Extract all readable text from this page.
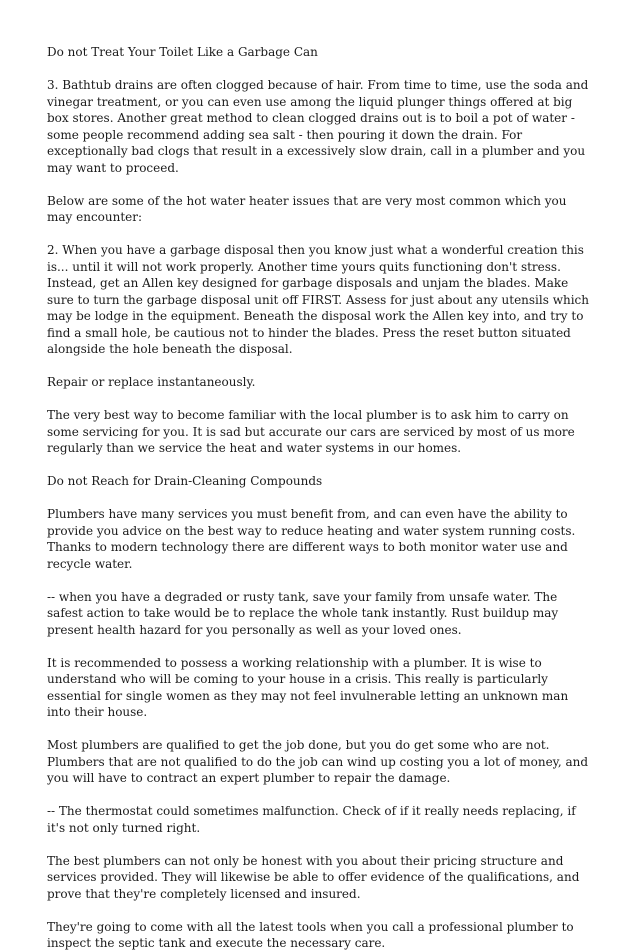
Do not Treat Your Toilet Like a Garbage Can

3. Bathtub drains are often clogged because of hair. From time to time, use the soda and vinegar treatment, or you can even use among the liquid plunger things offered at big box stores. Another great method to clean clogged drains out is to boil a pot of water - some people recommend adding sea salt - then pouring it down the drain. For exceptionally bad clogs that result in a excessively slow drain, call in a plumber and you may want to proceed.

Below are some of the hot water heater issues that are very most common which you may encounter:

2. When you have a garbage disposal then you know just what a wonderful creation this is... until it will not work properly. Another time yours quits functioning don't stress. Instead, get an Allen key designed for garbage disposals and unjam the blades. Make sure to turn the garbage disposal unit off FIRST. Assess for just about any utensils which may be lodge in the equipment. Beneath the disposal work the Allen key into, and try to find a small hole, be cautious not to hinder the blades. Press the reset button situated alongside the hole beneath the disposal.

Repair or replace instantaneously.

The very best way to become familiar with the local plumber is to ask him to carry on some servicing for you. It is sad but accurate our cars are serviced by most of us more regularly than we service the heat and water systems in our homes.

Do not Reach for Drain-Cleaning Compounds

Plumbers have many services you must benefit from, and can even have the ability to provide you advice on the best way to reduce heating and water system running costs. Thanks to modern technology there are different ways to both monitor water use and recycle water.

-- when you have a degraded or rusty tank, save your family from unsafe water. The safest action to take would be to replace the whole tank instantly. Rust buildup may present health hazard for you personally as well as your loved ones.

It is recommended to possess a working relationship with a plumber. It is wise to understand who will be coming to your house in a crisis. This really is particularly essential for single women as they may not feel invulnerable letting an unknown man into their house.

Most plumbers are qualified to get the job done, but you do get some who are not. Plumbers that are not qualified to do the job can wind up costing you a lot of money, and you will have to contract an expert plumber to repair the damage.

-- The thermostat could sometimes malfunction. Check of if it really needs replacing, if it's not only turned right.

The best plumbers can not only be honest with you about their pricing structure and services provided. They will likewise be able to offer evidence of the qualifications, and prove that they're completely licensed and insured.

They're going to come with all the latest tools when you call a professional plumber to inspect the septic tank and execute the necessary care.
